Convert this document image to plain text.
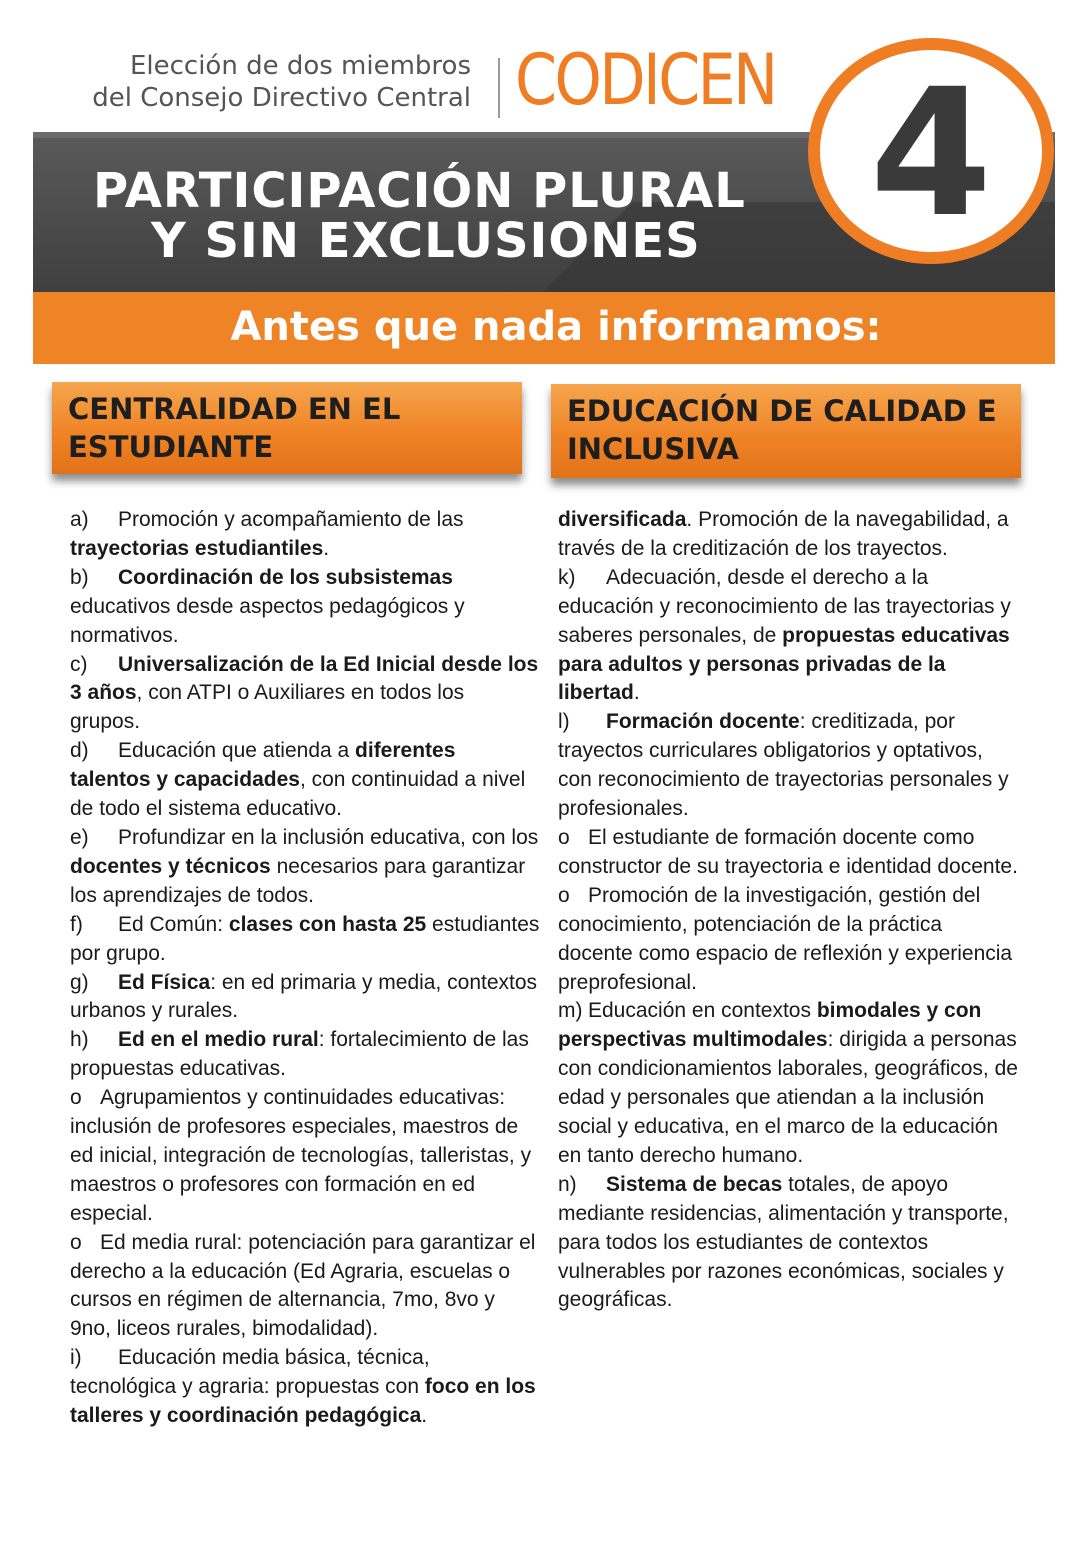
Elección de dos miembros
del Consejo Directivo Central CODICEN
PARTICIPACIÓN PLURAL
Y SIN EXCLUSIONES
Antes que nada informamos:
4
CENTRALIDAD EN EL
ESTUDIANTE
EDUCACIÓN DE CALIDAD E
INCLUSIVA

a) Promoción y acompañamiento de las trayectorias estudiantiles.

b) Coordinación de los subsistemas educativos desde aspectos pedagógicos y normativos.

c) Universalización de la Ed Inicial desde los 3 años, con ATPI o Auxiliares en todos los grupos.

d) Educación que atienda a diferentes talentos y capacidades, con continuidad a nivel de todo el sistema educativo.

e) Profundizar en la inclusión educativa, con los docentes y técnicos necesarios para garantizar los aprendizajes de todos.

f) Ed Común: clases con hasta 25 estudiantes por grupo.

g) Ed Física: en ed primaria y media, contextos urbanos y rurales.

h) Ed en el medio rural: fortalecimiento de las propuestas educativas.

o Agrupamientos y continuidades educativas: inclusión de profesores especiales, maestros de ed inicial, integración de tecnologías, talleristas, y maestros o profesores con formación en ed especial.

o Ed media rural: potenciación para garantizar el derecho a la educación (Ed Agraria, escuelas o cursos en régimen de alternancia, 7mo, 8vo y 9no, liceos rurales, bimodalidad).

i) Educación media básica, técnica, tecnológica y agraria: propuestas con foco en los talleres y coordinación pedagógica.

diversificada. Promoción de la navegabilidad, a través de la creditización de los trayectos.

k) Adecuación, desde el derecho a la educación y reconocimiento de las trayectorias y saberes personales, de propuestas educativas para adultos y personas privadas de la libertad.

l) Formación docente: creditizada, por trayectos curriculares obligatorios y optativos, con reconocimiento de trayectorias personales y profesionales.

o El estudiante de formación docente como constructor de su trayectoria e identidad docente.

o Promoción de la investigación, gestión del conocimiento, potenciación de la práctica docente como espacio de reflexión y experiencia preprofesional.

m) Educación en contextos bimodales y con perspectivas multimodales: dirigida a personas con condicionamientos laborales, geográficos, de edad y personales que atiendan a la inclusión social y educativa, en el marco de la educación en tanto derecho humano.

n) Sistema de becas totales, de apoyo mediante residencias, alimentación y transporte, para todos los estudiantes de contextos vulnerables por razones económicas, sociales y geográficas.
